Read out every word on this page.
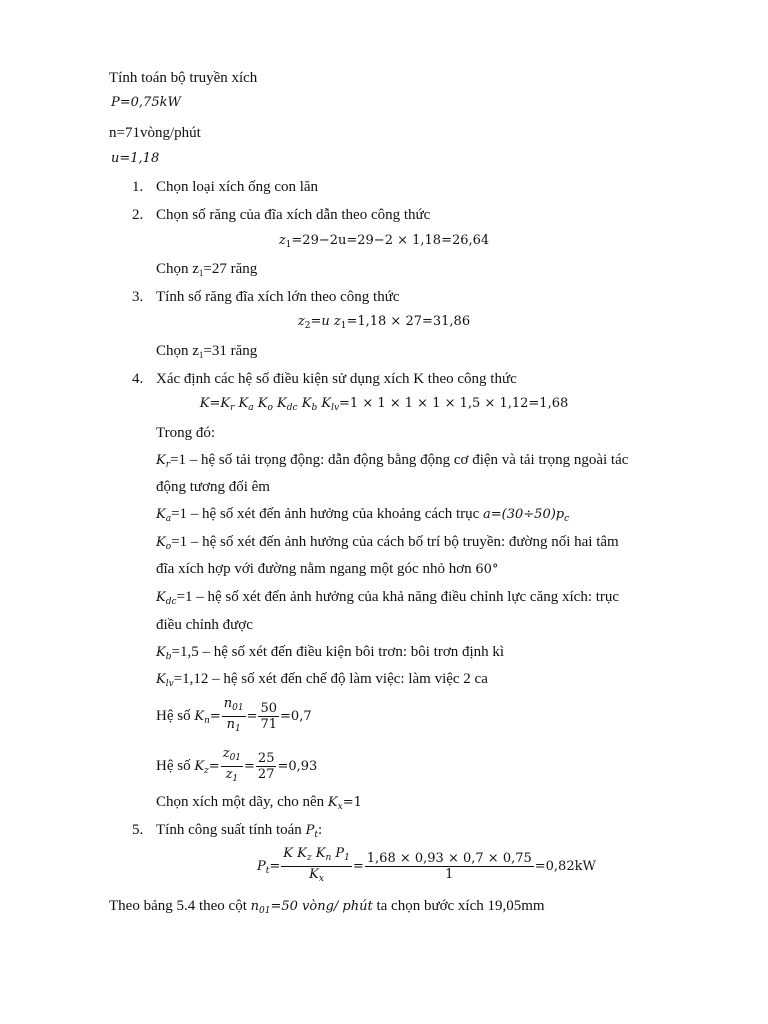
Tính toán bộ truyền xích
P=0,75kW
n=71vòng/phút
u=1,18
1. Chọn loại xích ống con lăn
2. Chọn số răng của đĩa xích dẫn theo công thức
$z_1=29-2u=29-2 \times 1,18=26,64$
Chọn $z_1=27$ răng
3. Tính số răng đĩa xích lớn theo công thức
$z_2=u$ $z_1=1,18 \times 27=31,86$
Chọn $z_1=31$ răng
4. Xác định các hệ số điều kiện sử dụng xích K theo công thức
$K=K_r$ $K_a$ $K_o$ $K_{dc}$ $K_b$ $K_{lv}=1 \times 1 \times 1 \times 1 \times 1,5 \times 1,12=1,68$
Trong đó:
$K_r=1$ – hệ số tải trọng động: dẫn động bằng động cơ điện và tải trọng ngoài tác
động tương đối êm
$K_a=1$ – hệ số xét đến ảnh hưởng của khoảng cách trục $a=(30\div 50)p_c$
$K_o=1$ – hệ số xét đến ảnh hưởng của cách bố trí bộ truyền: đường nối hai tâm
đĩa xích hợp với đường nằm ngang một góc nhỏ hơn 60°
$K_{dc}=1$ – hệ số xét đến ảnh hưởng của khả năng điều chỉnh lực căng xích: trục
điều chỉnh được
$K_b=1,5$ – hệ số xét đến điều kiện bôi trơn: bôi trơn định kì
$K_{lv}=1,12$ – hệ số xét đến chế độ làm việc: làm việc 2 ca
Hệ số $K_n= \frac{n_{01}}{n_1} = \frac{50}{71} =0,7$
Hệ số $K_z= \frac{z_{01}}{z_1} = \frac{25}{27} =0,93$
Chọn xích một dãy, cho nên $K_x=1$
5. Tính công suất tính toán $P_t$:
$P_t= \frac{K K_z K_n P_1}{K_x} = \frac{1,68 \times 0,93 \times 0,7 \times 0,75}{1} =0,82kW$
Theo bảng 5.4 theo cột $n_{01}=50$ vòng/ phút ta chọn bước xích 19,05mm
